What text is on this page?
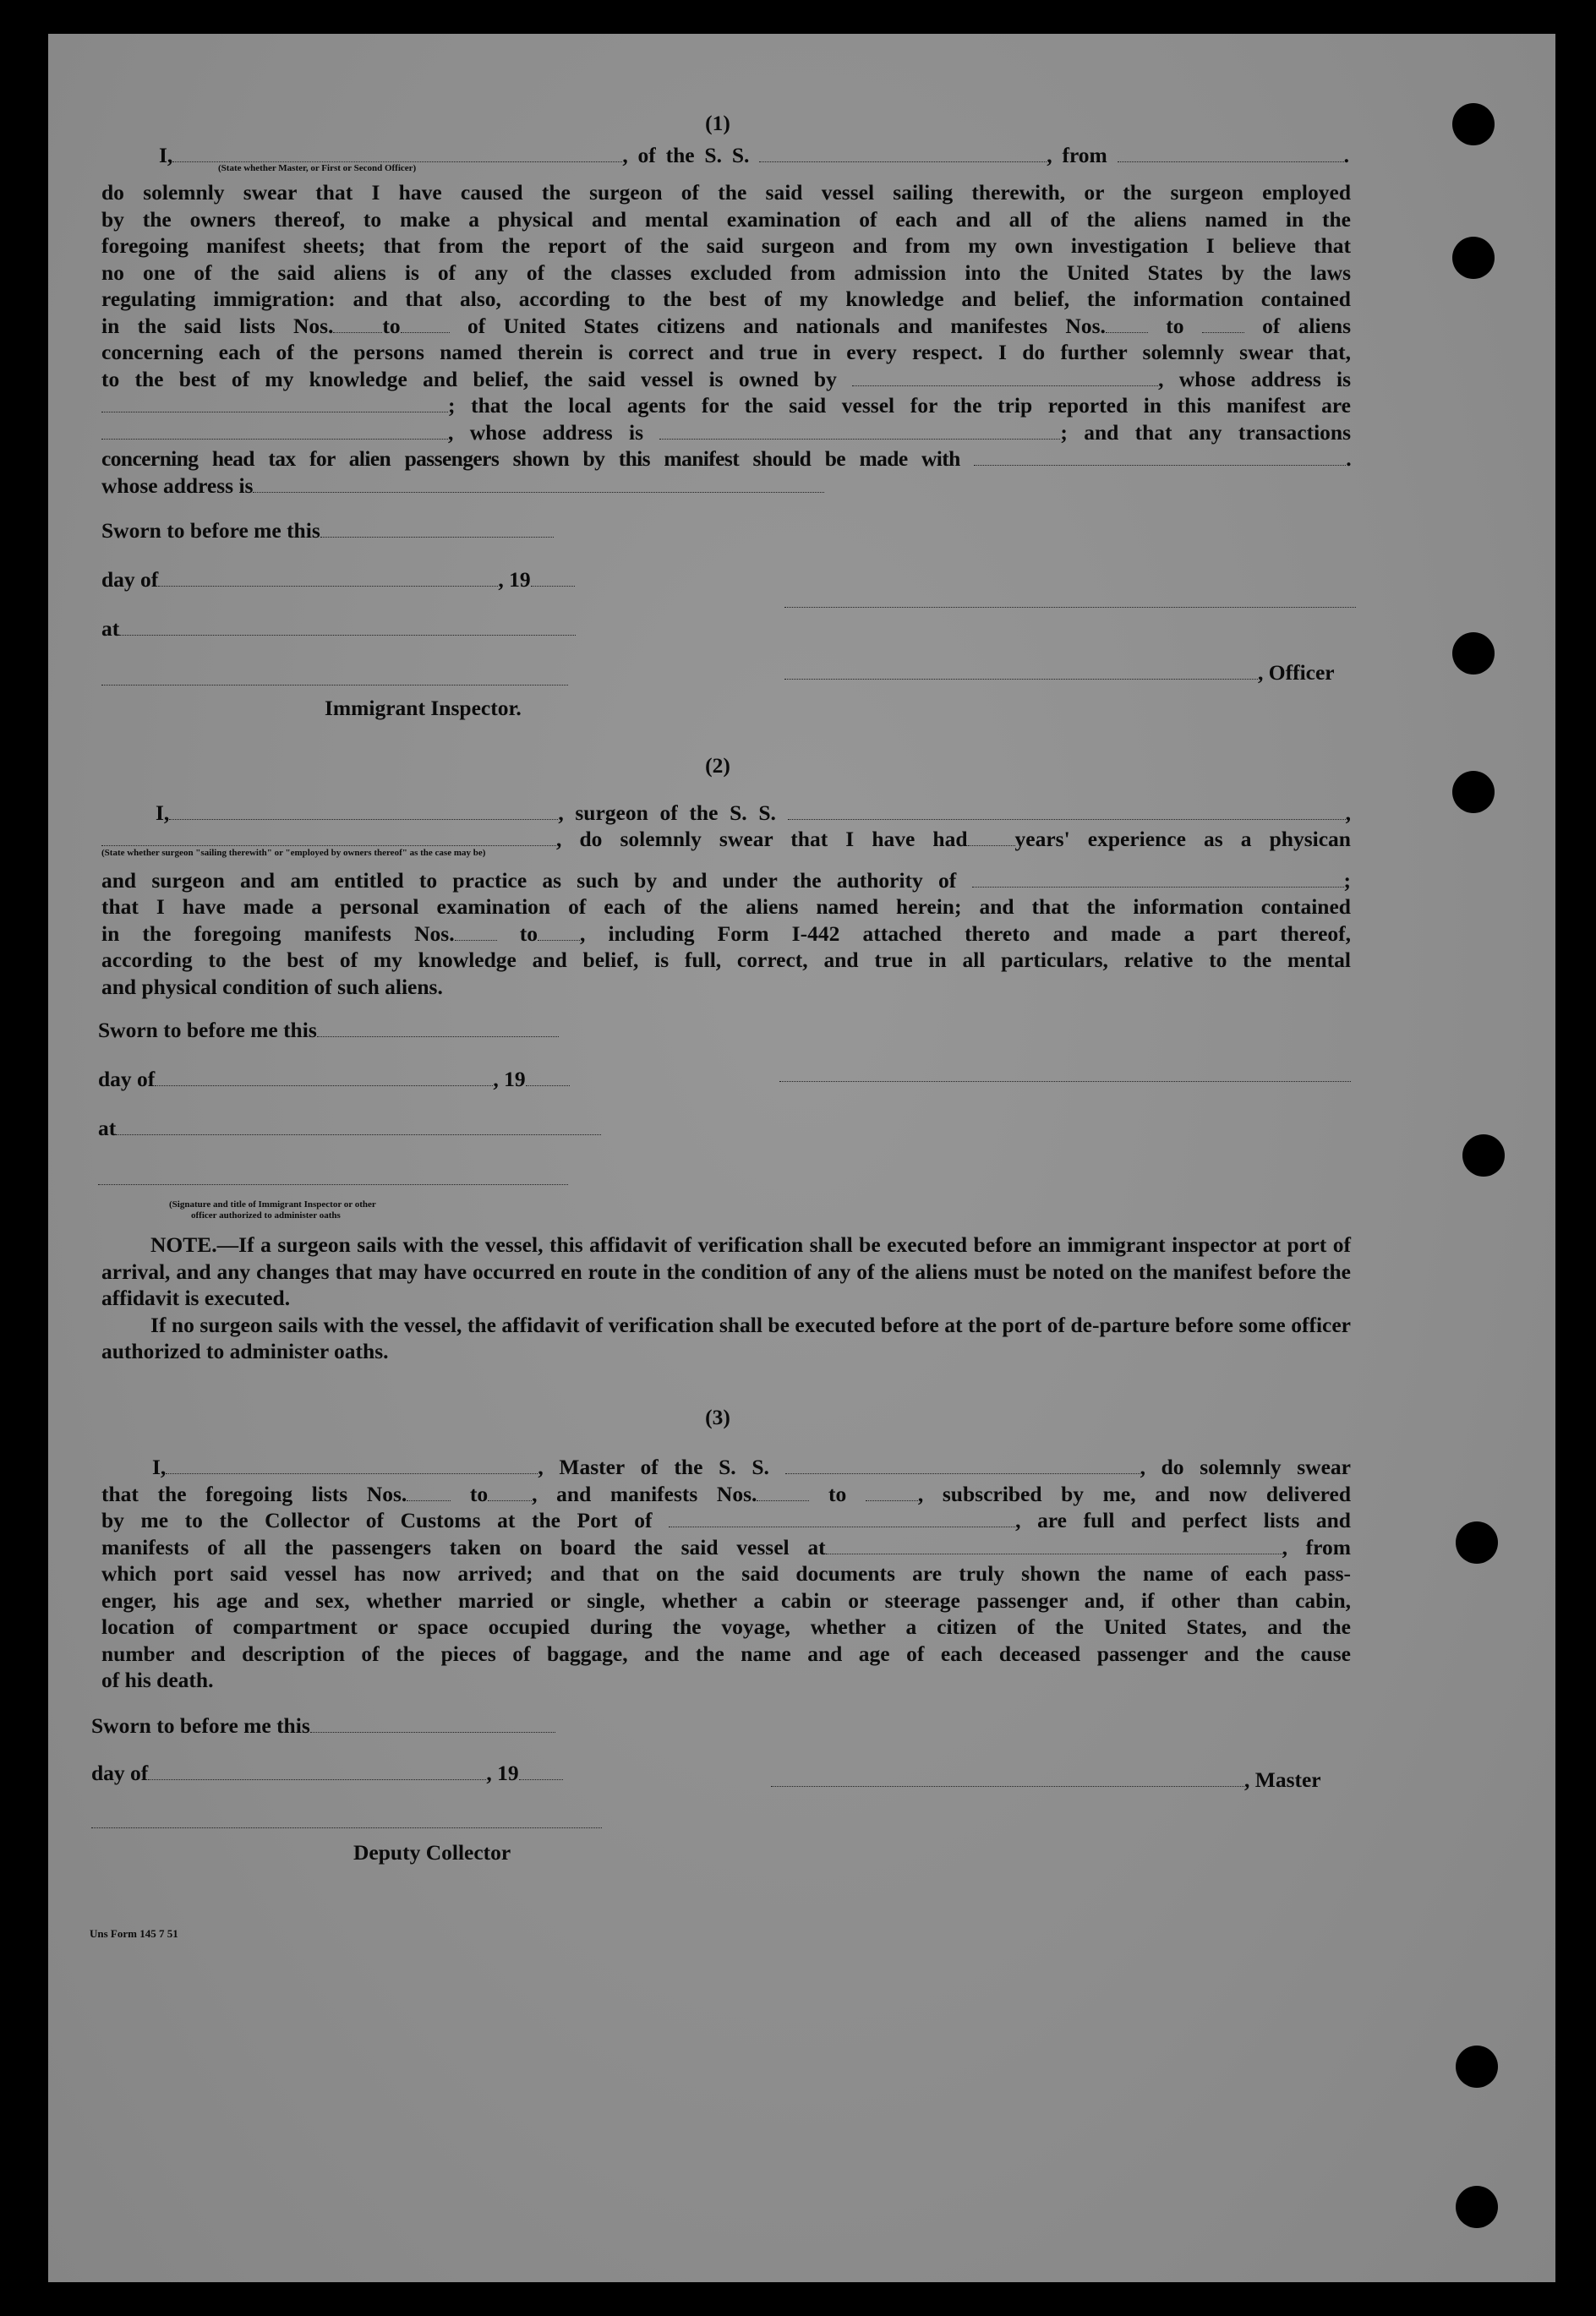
(1)

I,	, of the S. S.	, from	.

(State whether Master, or First or Second Officer)

do solemnly swear that I have caused the surgeon of the said vessel sailing therewith, or the surgeon employed

by the owners thereof, to make a physical and mental examination of each and all of the aliens named in the

foregoing manifest sheets; that from the report of the said surgeon and from my own investigation I believe that

no one of the said aliens is of any of the classes excluded from admission into the United States by the laws

regulating immigration: and that also, according to the best of my knowledge and belief, the information contained

in the said lists Nos. to	of United States citizens and nationals and manifestes Nos.	to	of aliens

concerning each of the persons named therein is correct and true in every respect. I do further solemnly swear that,

to the best of my knowledge and belief, the said vessel is owned by	, whose address is

; that the local agents for the said vessel for the trip reported in this manifest are

, whose address is	; and that any transactions

concerning head tax for alien passengers shown by this manifest should be made with	.

whose address is

Sworn to before me this
day of	, 19
at
, Officer
Immigrant Inspector.

(2)

I,	, surgeon of the S. S.	,

, do solemnly swear that I have had years' experience as a physican

(State whether surgeon "sailing therewith" or "employed by owners thereof" as the case may be)

and surgeon and am entitled to practice as such by and under the authority of	;

that I have made a personal examination of each of the aliens named herein; and that the information contained

in the foregoing manifests Nos.	to , including Form I-442 attached thereto and made a part thereof,

according to the best of my knowledge and belief, is full, correct, and true in all particulars, relative to the mental

and physical condition of such aliens.

Sworn to before me this
day of	, 19
at
(Signature and title of Immigrant Inspector or other
officer authorized to administer oaths

NOTE.—If a surgeon sails with the vessel, this affidavit of verification shall be executed before an immigrant inspector at port of arrival, and any changes that may have occurred en route in the condition of any of the aliens must be noted on the manifest before the affidavit is executed.

If no surgeon sails with the vessel, the affidavit of verification shall be executed before at the port of de-parture before some officer authorized to administer oaths.

(3)

I,	, Master of the S. S.	, do solemnly swear

that the foregoing lists Nos.	to , and manifests Nos.	to	, subscribed by me, and now delivered

by me to the Collector of Customs at the Port of	, are full and perfect lists and

manifests of all the passengers taken on board the said vessel at	, from

which port said vessel has now arrived; and that on the said documents are truly shown the name of each pass-

enger, his age and sex, whether married or single, whether a cabin or steerage passenger and, if other than cabin,

location of compartment or space occupied during the voyage, whether a citizen of the United States, and the

number and description of the pieces of baggage, and the name and age of each deceased passenger and the cause

of his death.

Sworn to before me this
day of	, 19	, Master
Deputy Collector
Uns Form 145 7 51
